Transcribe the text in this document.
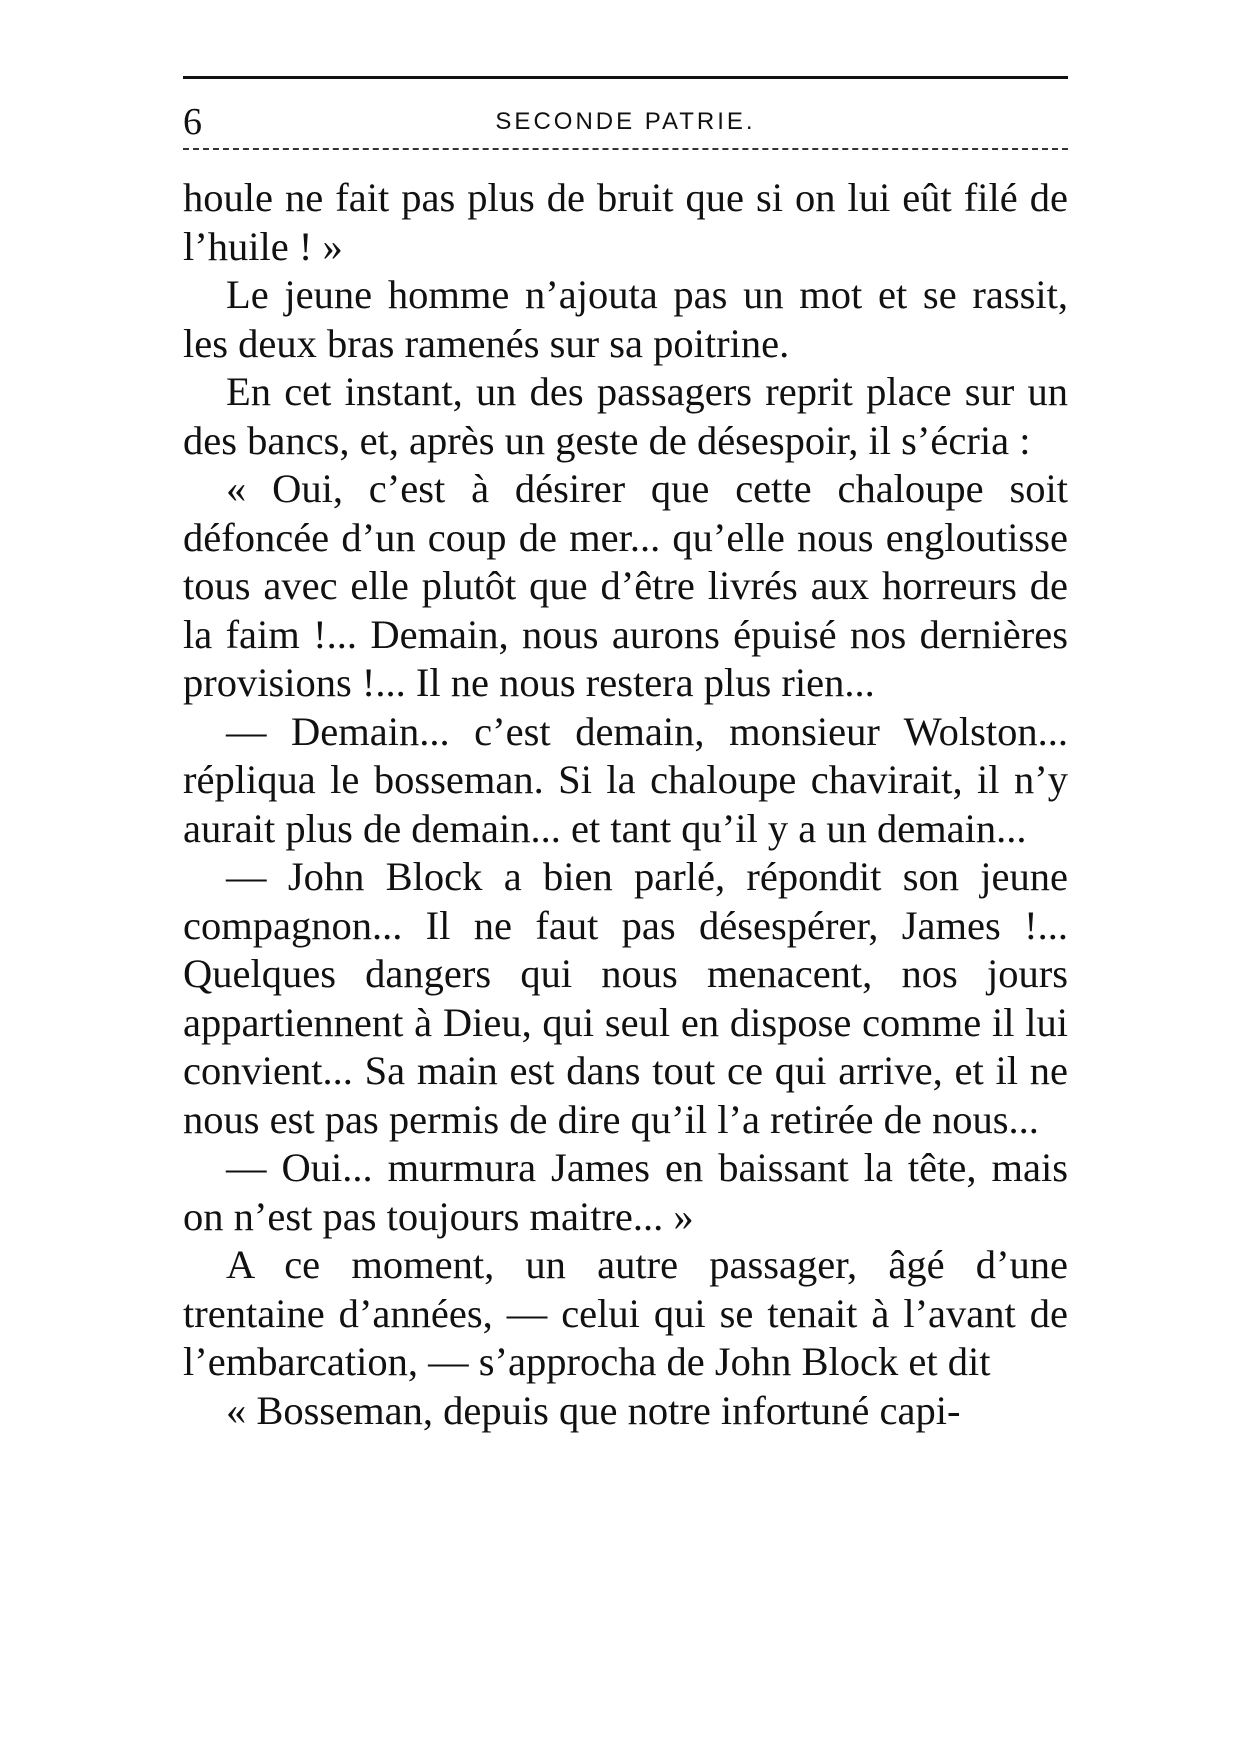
6	SECONDE PATRIE.

houle ne fait pas plus de bruit que si on lui eût filé de l’huile ! »

Le jeune homme n’ajouta pas un mot et se rassit, les deux bras ramenés sur sa poitrine.

En cet instant, un des passagers reprit place sur un des bancs, et, après un geste de désespoir, il s’écria :

« Oui, c’est à désirer que cette chaloupe soit défoncée d’un coup de mer... qu’elle nous engloutisse tous avec elle plutôt que d’être livrés aux horreurs de la faim !... Demain, nous aurons épuisé nos dernières provisions !... Il ne nous restera plus rien...

— Demain... c’est demain, monsieur Wolston... répliqua le bosseman. Si la chaloupe chavirait, il n’y aurait plus de demain... et tant qu’il y a un demain...

— John Block a bien parlé, répondit son jeune compagnon... Il ne faut pas désespérer, James !... Quelques dangers qui nous menacent, nos jours appartiennent à Dieu, qui seul en dispose comme il lui convient... Sa main est dans tout ce qui arrive, et il ne nous est pas permis de dire qu’il l’a retirée de nous...

— Oui... murmura James en baissant la tête, mais on n’est pas toujours maitre... »

A ce moment, un autre passager, âgé d’une trentaine d’années, — celui qui se tenait à l’avant de l’embarcation, — s’approcha de John Block et dit

« Bosseman, depuis que notre infortuné capi-
